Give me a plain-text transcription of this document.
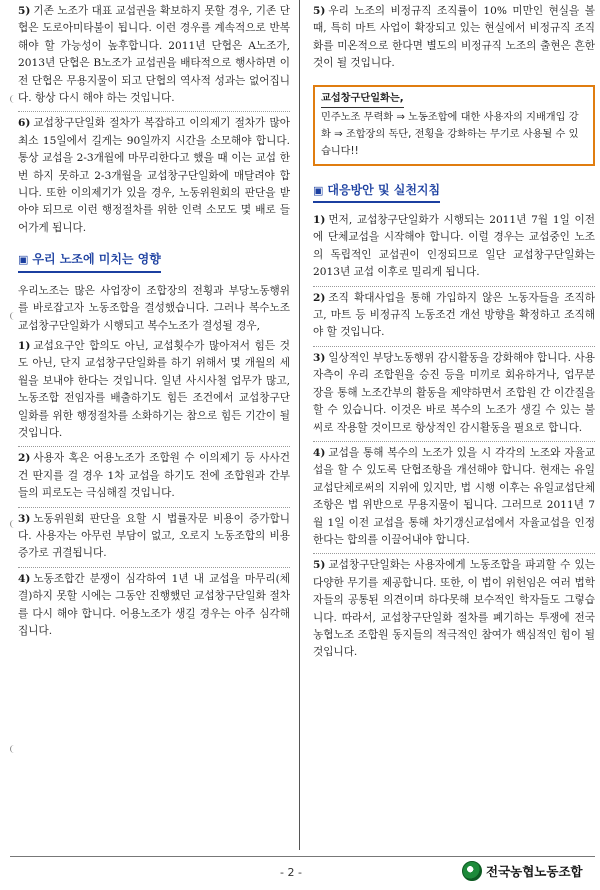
5) 기존 노조가 대표 교섭권을 확보하지 못할 경우, 기존 단협은 도로아미타불이 됩니다. 이런 경우를 계속적으로 반복해야 할 가능성이 높후합니다. 2011년 단협은 A노조가, 2013년 단협은 B노조가 교섭권을 배타적으로 행사하면 이전 단협은 무용지물이 되고 단협의 역사적 성과는 없어집니다. 항상 다시 해야 하는 것입니다.

6) 교섭창구단일화 절차가 복잡하고 이의제기 절차가 많아 최소 15일에서 길게는 90일까지 시간을 소모해야 합니다. 통상 교섭을 2-3개월에 마무리한다고 했을 때 이는 교섭 한번 하지 못하고 2-3개월을 교섭창구단일화에 매달려야 합니다. 또한 이의제기가 있을 경우, 노동위원회의 판단을 받아야 되므로 이런 행정절차를 위한 인력 소모도 몇 배로 들어가게 됩니다.

▣ 우리 노조에 미치는 영향

우리노조는 많은 사업장이 조합장의 전횡과 부당노동행위를 바로잡고자 노동조합을 결성했습니다. 그러나 복수노조 교섭창구단일화가 시행되고 복수노조가 결성될 경우,

1) 교섭요구안 합의도 아닌, 교섭횟수가 많아져서 힘든 것도 아닌, 단지 교섭창구단일화를 하기 위해서 몇 개월의 세월을 보내야 한다는 것입니다. 일년 사시사철 업무가 많고, 노동조합 전임자를 배출하기도 힘든 조건에서 교섭창구단일화를 위한 행정절차를 소화하기는 참으로 힘든 기간이 될 것입니다.

2) 사용자 혹은 어용노조가 조합원 수 이의제기 등 사사건건 딴지를 걸 경우 1차 교섭을 하기도 전에 조합원과 간부들의 피로도는 극심해질 것입니다.

3) 노동위원회 판단을 요할 시 법률자문 비용이 증가합니다. 사용자는 아무런 부담이 없고, 오로지 노동조합의 비용증가로 귀결됩니다.

4) 노동조합간 분쟁이 심각하여 1년 내 교섭을 마무리(체결)하지 못할 시에는 그동안 진행했던 교섭창구단일화 절차를 다시 해야 합니다. 어용노조가 생길 경우는 아주 심각해집니다.

5) 우리 노조의 비정규직 조직률이 10% 미만인 현실을 볼 때, 특히 마트 사업이 확장되고 있는 현실에서 비정규직 조직화를 미온적으로 한다면 별도의 비정규직 노조의 출현은 흔한 것이 될 것입니다.

교섭창구단일화는,
민주노조 무력화 ⇒ 노동조합에 대한 사용자의 지배개입 강화 ⇒ 조합장의 독단, 전횡을 강화하는 무기로 사용될 수 있습니다!!
▣ 대응방안 및 실천지침

1) 먼저, 교섭창구단일화가 시행되는 2011년 7월 1일 이전에 단체교섭을 시작해야 합니다. 이럴 경우는 교섭중인 노조의 독립적인 교섭권이 인정되므로 일단 교섭창구단일화는 2013년 교섭 이후로 밀리게 됩니다.

2) 조직 확대사업을 통해 가입하지 않은 노동자들을 조직하고, 마트 등 비정규직 노동조건 개선 방향을 확정하고 조직해야 할 것입니다.

3) 일상적인 부당노동행위 감시활동을 강화해야 합니다. 사용자측이 우리 조합원을 승진 등을 미끼로 회유하거나, 업무분장을 통해 노조간부의 활동을 제약하면서 조합원 간 이간질을 할 수 있습니다. 이것은 바로 복수의 노조가 생길 수 있는 불씨로 작용할 것이므로 항상적인 감시활동을 필요로 합니다.

4) 교섭을 통해 복수의 노조가 있을 시 각각의 노조와 자율교섭을 할 수 있도록 단협조항을 개선해야 합니다. 현재는 유일교섭단체로써의 지위에 있지만, 법 시행 이후는 유일교섭단체 조항은 법 위반으로 무용지물이 됩니다. 그러므로 2011년 7월 1일 이전 교섭을 통해 차기갱신교섭에서 자율교섭을 인정한다는 합의를 이끌어내야 합니다.

5) 교섭창구단일화는 사용자에게 노동조합을 파괴할 수 있는 다양한 무기를 제공합니다. 또한, 이 법이 위헌임은 여러 법학자들의 공통된 의견이며 하다못해 보수적인 학자들도 그렇습니다. 따라서, 교섭창구단일화 절차를 폐기하는 투쟁에 전국농협노조 조합원 동지들의 적극적인 참여가 핵심적인 힘이 될 것입니다.

- 2 -	전국농협노동조합
